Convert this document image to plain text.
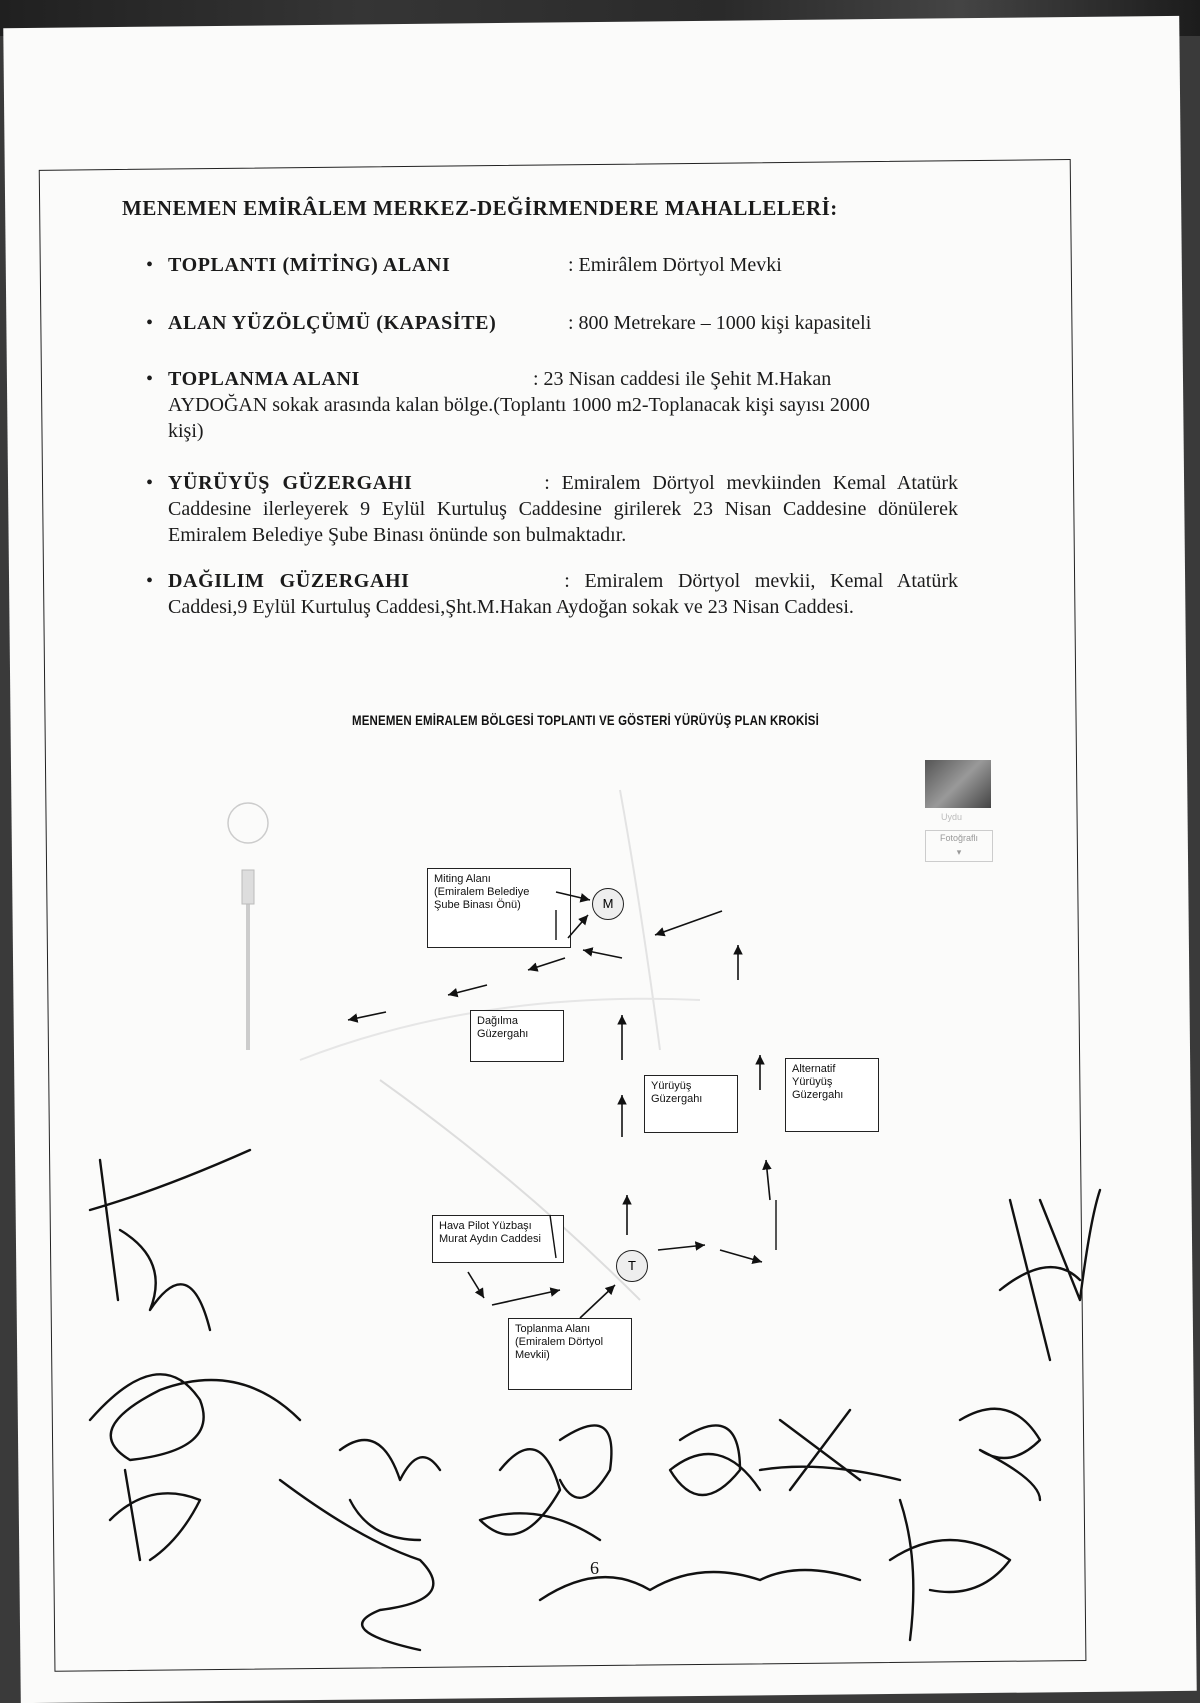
MENEMEN EMİRÂLEM MERKEZ-DEĞİRMENDERE MAHALLELERİ:
• TOPLANTI (MİTİNG) ALANI	: Emirâlem Dörtyol Mevki
• ALAN YÜZÖLÇÜMÜ (KAPASİTE)	: 800 Metrekare – 1000 kişi kapasiteli
• TOPLANMA ALANI	: 23 Nisan caddesi ile Şehit M.Hakan AYDOĞAN sokak arasında kalan bölge.(Toplantı 1000 m2-Toplanacak kişi sayısı 2000 kişi)
• YÜRÜYÜŞ GÜZERGAHI	: Emiralem Dörtyol mevkiinden Kemal Atatürk Caddesine ilerleyerek 9 Eylül Kurtuluş Caddesine girilerek 23 Nisan Caddesine dönülerek Emiralem Belediye Şube Binası önünde son bulmaktadır.
• DAĞILIM GÜZERGAHI	: Emiralem Dörtyol mevkii, Kemal Atatürk Caddesi,9 Eylül Kurtuluş Caddesi,Şht.M.Hakan Aydoğan sokak ve 23 Nisan Caddesi.
MENEMEN EMİRALEM BÖLGESİ TOPLANTI VE GÖSTERİ YÜRÜYÜŞ PLAN KROKİSİ
Uydu
Fotoğraflı
▾
Miting Alanı
(Emiralem Belediye
Şube Binası Önü)
Dağılma
Güzergahı
Yürüyüş
Güzergahı
Alternatif
Yürüyüş
Güzergahı
Hava Pilot Yüzbaşı
Murat Aydın Caddesi
Toplanma Alanı
(Emiralem Dörtyol
Mevkii)
M
T
6
